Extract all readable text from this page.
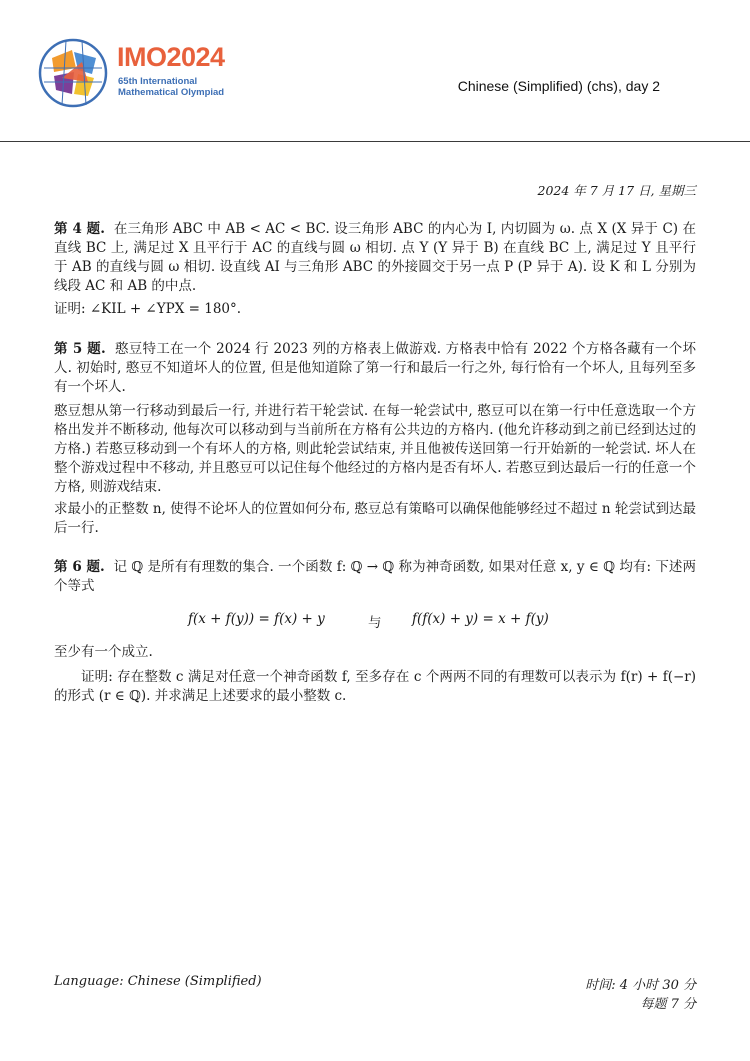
IMO2024
65th International
Mathematical Olympiad	Chinese (Simplified) (chs), day 2
2024 年 7 月 17 日, 星期三
第 4 题. 在三角形 ABC 中 AB < AC < BC. 设三角形 ABC 的内心为 I, 内切圆为 ω. 点 X (X 异于 C) 在直线 BC 上, 满足过 X 且平行于 AC 的直线与圆 ω 相切. 点 Y (Y 异于 B) 在直线 BC 上, 满足过 Y 且平行于 AB 的直线与圆 ω 相切. 设直线 AI 与三角形 ABC 的外接圆交于另一点 P (P 异于 A). 设 K 和 L 分别为线段 AC 和 AB 的中点.
证明: ∠KIL + ∠YPX = 180°.
第 5 题. 憨豆特工在一个 2024 行 2023 列的方格表上做游戏. 方格表中恰有 2022 个方格各藏有一个坏人. 初始时, 憨豆不知道坏人的位置, 但是他知道除了第一行和最后一行之外, 每行恰有一个坏人, 且每列至多有一个坏人.
憨豆想从第一行移动到最后一行, 并进行若干轮尝试. 在每一轮尝试中, 憨豆可以在第一行中任意选取一个方格出发并不断移动, 他每次可以移动到与当前所在方格有公共边的方格内. (他允许移动到之前已经到达过的方格.) 若憨豆移动到一个有坏人的方格, 则此轮尝试结束, 并且他被传送回第一行开始新的一轮尝试. 坏人在整个游戏过程中不移动, 并且憨豆可以记住每个他经过的方格内是否有坏人. 若憨豆到达最后一行的任意一个方格, 则游戏结束.
求最小的正整数 n, 使得不论坏人的位置如何分布, 憨豆总有策略可以确保他能够经过不超过 n 轮尝试到达最后一行.
第 6 题. 记 ℚ 是所有有理数的集合. 一个函数 f: ℚ → ℚ 称为神奇函数, 如果对任意 x, y ∈ ℚ 均有: 下述两个等式
f(x + f(y)) = f(x) + y	与 f(f(x) + y) = x + f(y)
至少有一个成立.
证明: 存在整数 c 满足对任意一个神奇函数 f, 至多存在 c 个两两不同的有理数可以表示为 f(r) + f(−r) 的形式 (r ∈ ℚ). 并求满足上述要求的最小整数 c.
Language: Chinese (Simplified)	时间: 4 小时 30 分
每题 7 分
